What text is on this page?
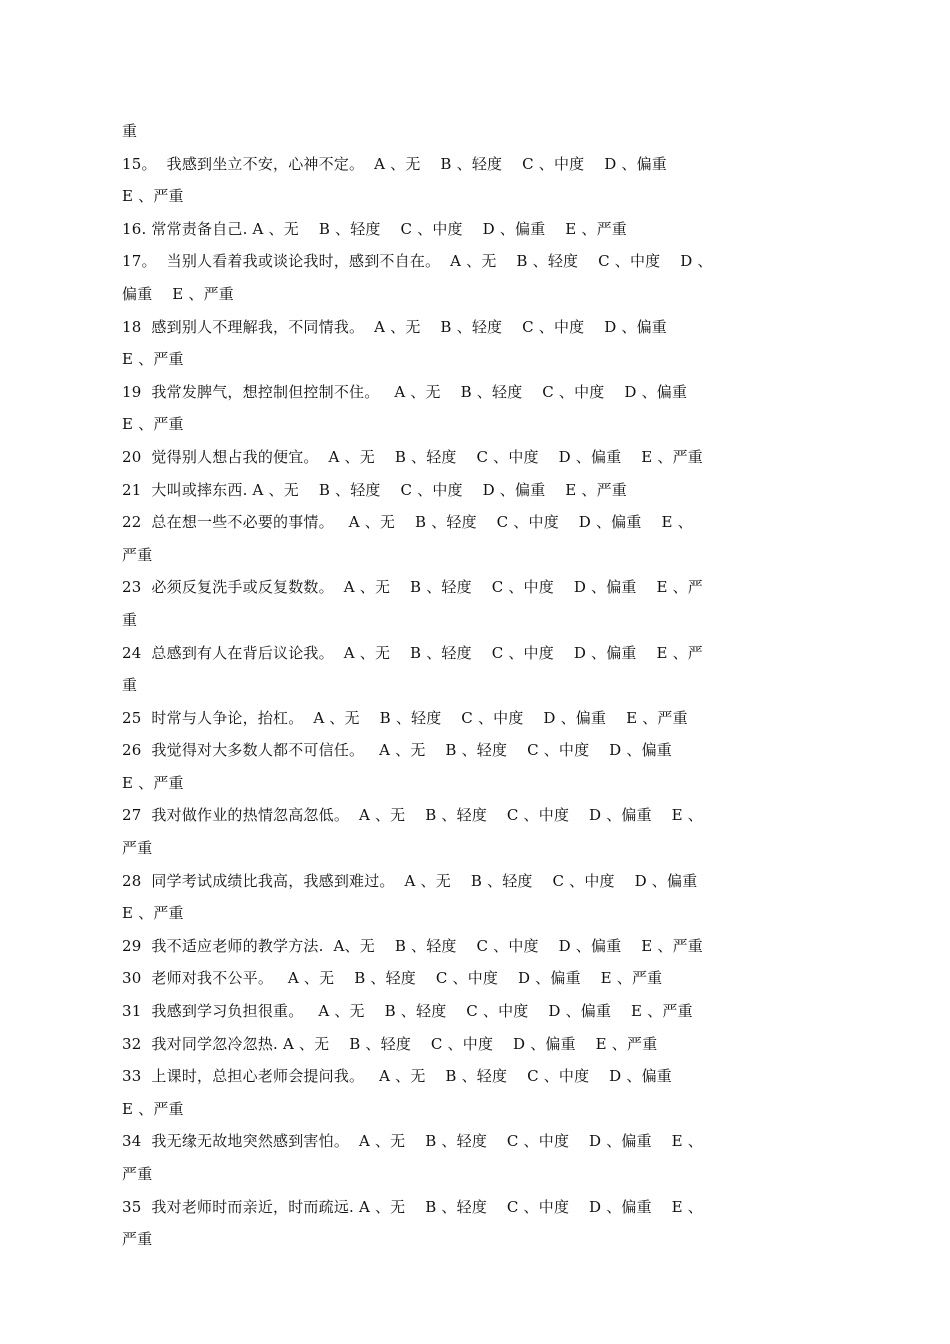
重
15。  我感到坐立不安，心神不定。  A 、无    B 、轻度    C 、中度    D 、偏重
E 、严重
16. 常常责备自己. A 、无    B 、轻度    C 、中度    D 、偏重    E 、严重
17。  当别人看着我或谈论我时，感到不自在。  A 、无    B 、轻度    C 、中度    D 、
偏重    E 、严重
18  感到别人不理解我，不同情我。  A 、无    B 、轻度    C 、中度    D 、偏重
E 、严重
19  我常发脾气，想控制但控制不住。   A 、无    B 、轻度    C 、中度    D 、偏重
E 、严重
20  觉得别人想占我的便宜。  A 、无    B 、轻度    C 、中度    D 、偏重    E 、严重
21  大叫或摔东西. A 、无    B 、轻度    C 、中度    D 、偏重    E 、严重
22  总在想一些不必要的事情。   A 、无    B 、轻度    C 、中度    D 、偏重    E 、
严重
23  必须反复洗手或反复数数。  A 、无    B 、轻度    C 、中度    D 、偏重    E 、严
重
24  总感到有人在背后议论我。  A 、无    B 、轻度    C 、中度    D 、偏重    E 、严
重
25  时常与人争论，抬杠。  A 、无    B 、轻度    C 、中度    D 、偏重    E 、严重
26  我觉得对大多数人都不可信任。   A 、无    B 、轻度    C 、中度    D 、偏重
E 、严重
27  我对做作业的热情忽高忽低。  A 、无    B 、轻度    C 、中度    D 、偏重    E 、
严重
28  同学考试成绩比我高，我感到难过。  A 、无    B 、轻度    C 、中度    D 、偏重
E 、严重
29  我不适应老师的教学方法.  A、无    B 、轻度    C 、中度    D 、偏重    E 、严重
30  老师对我不公平。   A 、无    B 、轻度    C 、中度    D 、偏重    E 、严重
31  我感到学习负担很重。   A 、无    B 、轻度    C 、中度    D 、偏重    E 、严重
32  我对同学忽冷忽热. A 、无    B 、轻度    C 、中度    D 、偏重    E 、严重
33  上课时，总担心老师会提问我。   A 、无    B 、轻度    C 、中度    D 、偏重
E 、严重
34  我无缘无故地突然感到害怕。  A 、无    B 、轻度    C 、中度    D 、偏重    E 、
严重
35  我对老师时而亲近，时而疏远. A 、无    B 、轻度    C 、中度    D 、偏重    E 、
严重
